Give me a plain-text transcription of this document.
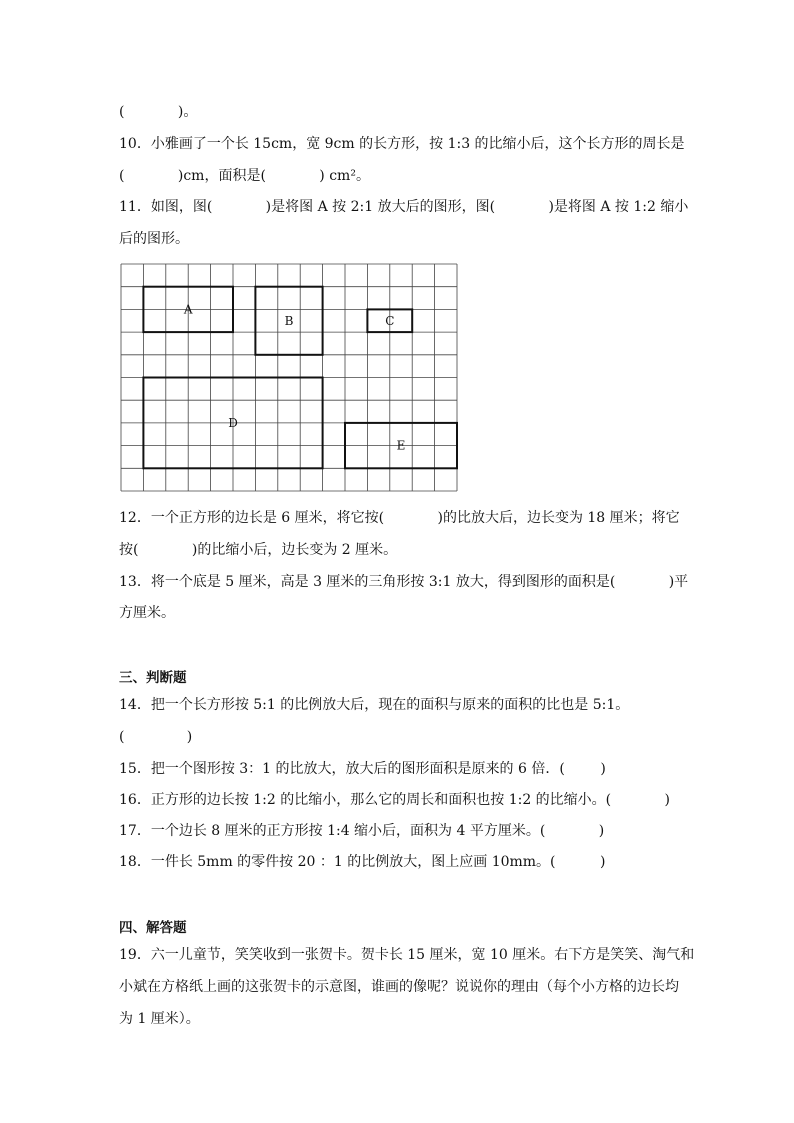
(            )。
10．小雅画了一个长 15cm，宽 9cm 的长方形，按 1:3 的比缩小后，这个长方形的周长是
(            )cm，面积是(            ) cm²。
11．如图，图(            )是将图 A 按 2:1 放大后的图形，图(            )是将图 A 按 1:2 缩小
后的图形。
A
B	C
D
E
12．一个正方形的边长是 6 厘米，将它按(            )的比放大后，边长变为 18 厘米；将它
按(            )的比缩小后，边长变为 2 厘米。
13．将一个底是 5 厘米，高是 3 厘米的三角形按 3:1 放大，得到图形的面积是(            )平
方厘米。
三、判断题
14．把一个长方形按 5:1 的比例放大后，现在的面积与原来的面积的比也是 5:1。
(              )
15．把一个图形按 3：1 的比放大，放大后的图形面积是原来的 6 倍．(        )
16．正方形的边长按 1:2 的比缩小，那么它的周长和面积也按 1:2 的比缩小。(            )
17．一个边长 8 厘米的正方形按 1:4 缩小后，面积为 4 平方厘米。(            )
18．一件长 5mm 的零件按 20 ：1 的比例放大，图上应画 10mm。(          )
四、解答题
19．六一儿童节，笑笑收到一张贺卡。贺卡长 15 厘米，宽 10 厘米。右下方是笑笑、淘气和
小斌在方格纸上画的这张贺卡的示意图，谁画的像呢？说说你的理由（每个小方格的边长均
为 1 厘米）。
